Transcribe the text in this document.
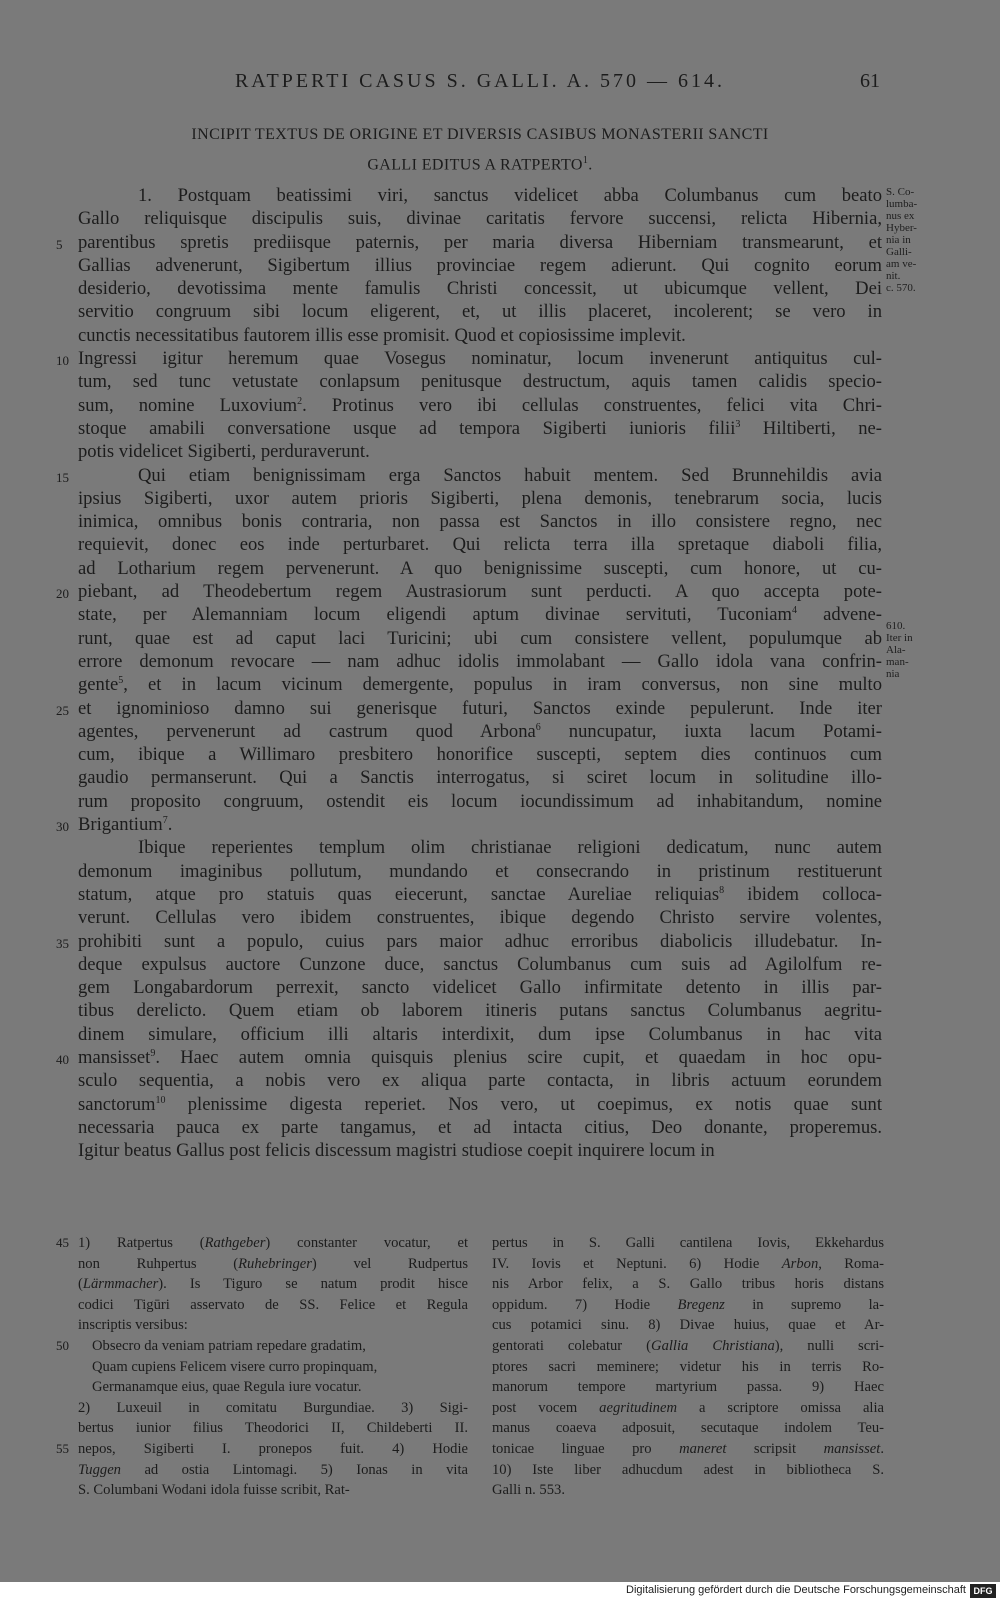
RATPERTI CASUS S. GALLI. A. 570 — 614.	61
INCIPIT TEXTUS DE ORIGINE ET DIVERSIS CASIBUS MONASTERII SANCTI
GALLI EDITUS A RATPERTO$^1$.
1. Postquam beatissimi viri, sanctus videlicet abba Columbanus cum beato
Gallo reliquisque discipulis suis, divinae caritatis fervore succensi, relicta Hibernia,
parentibus spretis prediisque paternis, per maria diversa Hiberniam transmearunt, et
Gallias advenerunt, Sigibertum illius provinciae regem adierunt. Qui cognito eorum
desiderio, devotissima mente famulis Christi concessit, ut ubicumque vellent, Dei
servitio congruum sibi locum eligerent, et, ut illis placeret, incolerent; se vero in
cunctis necessitatibus fautorem illis esse promisit. Quod et copiosissime implevit.
Ingressi igitur heremum quae Vosegus nominatur, locum invenerunt antiquitus cul-
tum, sed tunc vetustate conlapsum penitusque destructum, aquis tamen calidis specio-
sum, nomine Luxovium$^2$. Protinus vero ibi cellulas construentes, felici vita Chri-
stoque amabili conversatione usque ad tempora Sigiberti iunioris filii$^3$ Hiltiberti, ne-
potis videlicet Sigiberti, perduraverunt.
Qui etiam benignissimam erga Sanctos habuit mentem. Sed Brunnehildis avia
ipsius Sigiberti, uxor autem prioris Sigiberti, plena demonis, tenebrarum socia, lucis
inimica, omnibus bonis contraria, non passa est Sanctos in illo consistere regno, nec
requievit, donec eos inde perturbaret. Qui relicta terra illa spretaque diaboli filia,
ad Lotharium regem pervenerunt. A quo benignissime suscepti, cum honore, ut cu-
piebant, ad Theodebertum regem Austrasiorum sunt perducti. A quo accepta pote-
state, per Alemanniam locum eligendi aptum divinae servituti, Tuconiam$^4$ advene-
runt, quae est ad caput laci Turicini; ubi cum consistere vellent, populumque ab
errore demonum revocare — nam adhuc idolis immolabant — Gallo idola vana confrin-
gente$^5$, et in lacum vicinum demergente, populus in iram conversus, non sine multo
et ignominioso damno sui generisque futuri, Sanctos exinde pepulerunt. Inde iter
agentes, pervenerunt ad castrum quod Arbona$^6$ nuncupatur, iuxta lacum Potami-
cum, ibique a Willimaro presbitero honorifice suscepti, septem dies continuos cum
gaudio permanserunt. Qui a Sanctis interrogatus, si sciret locum in solitudine illo-
rum proposito congruum, ostendit eis locum iocundissimum ad inhabitandum, nomine
Brigantium$^7$.
Ibique reperientes templum olim christianae religioni dedicatum, nunc autem
demonum imaginibus pollutum, mundando et consecrando in pristinum restituerunt
statum, atque pro statuis quas eiecerunt, sanctae Aureliae reliquias$^8$ ibidem colloca-
verunt. Cellulas vero ibidem construentes, ibique degendo Christo servire volentes,
prohibiti sunt a populo, cuius pars maior adhuc erroribus diabolicis illudebatur. In-
deque expulsus auctore Cunzone duce, sanctus Columbanus cum suis ad Agilolfum re-
gem Longabardorum perrexit, sancto videlicet Gallo infirmitate detento in illis par-
tibus derelicto. Quem etiam ob laborem itineris putans sanctus Columbanus aegritu-
dinem simulare, officium illi altaris interdixit, dum ipse Columbanus in hac vita
mansisset$^9$. Haec autem omnia quisquis plenius scire cupit, et quaedam in hoc opu-
sculo sequentia, a nobis vero ex aliqua parte contacta, in libris actuum eorundem
sanctorum$^{10}$ plenissime digesta reperiet. Nos vero, ut coepimus, ex notis quae sunt
necessaria pauca ex parte tangamus, et ad intacta citius, Deo donante, properemus.
Igitur beatus Gallus post felicis discessum magistri studiose coepit inquirere locum in
5
10
15
20
25
30
35
40
S. Co-
lumba-
nus ex
Hyber-
nia in
Galli-
am ve-
nit.
c. 570.
610.
Iter in
Ala-
man-
nia
1) Ratpertus (Rathgeber) constanter vocatur, et
non Ruhpertus (Ruhebringer) vel Rudpertus
(Lärmmacher). Is Tiguro se natum prodit hisce
codici Tigūri asservato de SS. Felice et Regula
inscriptis versibus:
Obsecro da veniam patriam repedare gradatim,
Quam cupiens Felicem visere curro propinquam,
Germanamque eius, quae Regula iure vocatur.
2) Luxeuil in comitatu Burgundiae. 3) Sigi-
bertus iunior filius Theodorici II, Childeberti II.
nepos, Sigiberti I. pronepos fuit. 4) Hodie
Tuggen ad ostia Lintomagi. 5) Ionas in vita
S. Columbani Wodani idola fuisse scribit, Rat-
pertus in S. Galli cantilena Iovis, Ekkehardus
IV. Iovis et Neptuni. 6) Hodie Arbon, Roma-
nis Arbor felix, a S. Gallo tribus horis distans
oppidum. 7) Hodie Bregenz in supremo la-
cus potamici sinu. 8) Divae huius, quae et Ar-
gentorati colebatur (Gallia Christiana), nulli scri-
ptores sacri meminere; videtur his in terris Ro-
manorum tempore martyrium passa. 9) Haec
post vocem aegritudinem a scriptore omissa alia
manus coaeva adposuit, secutaque indolem Teu-
tonicae linguae pro maneret scripsit mansisset.
10) Iste liber adhucdum adest in bibliotheca S.
Galli n. 553.
45
50
55
Digitalisierung gefördert durch die Deutsche Forschungsgemeinschaft DFG
